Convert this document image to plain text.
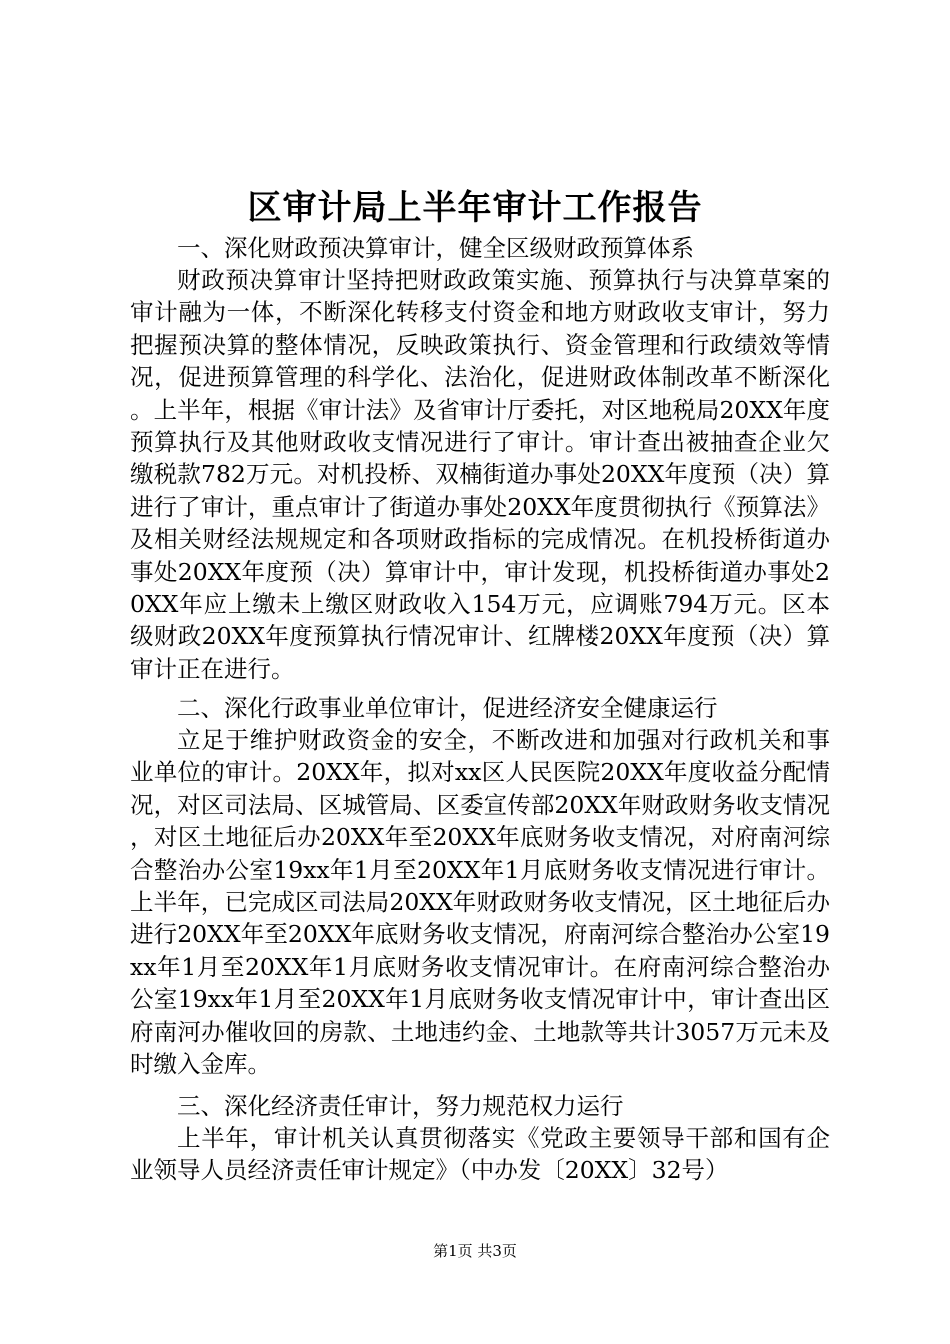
区审计局上半年审计工作报告
一、深化财政预决算审计，健全区级财政预算体系
财政预决算审计坚持把财政政策实施、预算执行与决算草案的审计融为一体，不断深化转移支付资金和地方财政收支审计，努力把握预决算的整体情况，反映政策执行、资金管理和行政绩效等情况，促进预算管理的科学化、法治化，促进财政体制改革不断深化。上半年，根据《审计法》及省审计厅委托，对区地税局20XX年度预算执行及其他财政收支情况进行了审计。审计查出被抽查企业欠缴税款782万元。对机投桥、双楠街道办事处20XX年度预（决）算进行了审计，重点审计了街道办事处20XX年度贯彻执行《预算法》及相关财经法规规定和各项财政指标的完成情况。在机投桥街道办事处20XX年度预（决）算审计中，审计发现，机投桥街道办事处20XX年应上缴未上缴区财政收入154万元，应调账794万元。区本级财政20XX年度预算执行情况审计、红牌楼20XX年度预（决）算审计正在进行。
二、深化行政事业单位审计，促进经济安全健康运行
立足于维护财政资金的安全，不断改进和加强对行政机关和事业单位的审计。20XX年，拟对xx区人民医院20XX年度收益分配情况，对区司法局、区城管局、区委宣传部20XX年财政财务收支情况，对区土地征后办20XX年至20XX年底财务收支情况，对府南河综合整治办公室19xx年1月至20XX年1月底财务收支情况进行审计。上半年，已完成区司法局20XX年财政财务收支情况，区土地征后办进行20XX年至20XX年底财务收支情况，府南河综合整治办公室19xx年1月至20XX年1月底财务收支情况审计。在府南河综合整治办公室19xx年1月至20XX年1月底财务收支情况审计中，审计查出区府南河办催收回的房款、土地违约金、土地款等共计3057万元未及时缴入金库。
三、深化经济责任审计，努力规范权力运行
上半年，审计机关认真贯彻落实《党政主要领导干部和国有企业领导人员经济责任审计规定》（中办发〔20XX〕32号）
第1页 共3页
